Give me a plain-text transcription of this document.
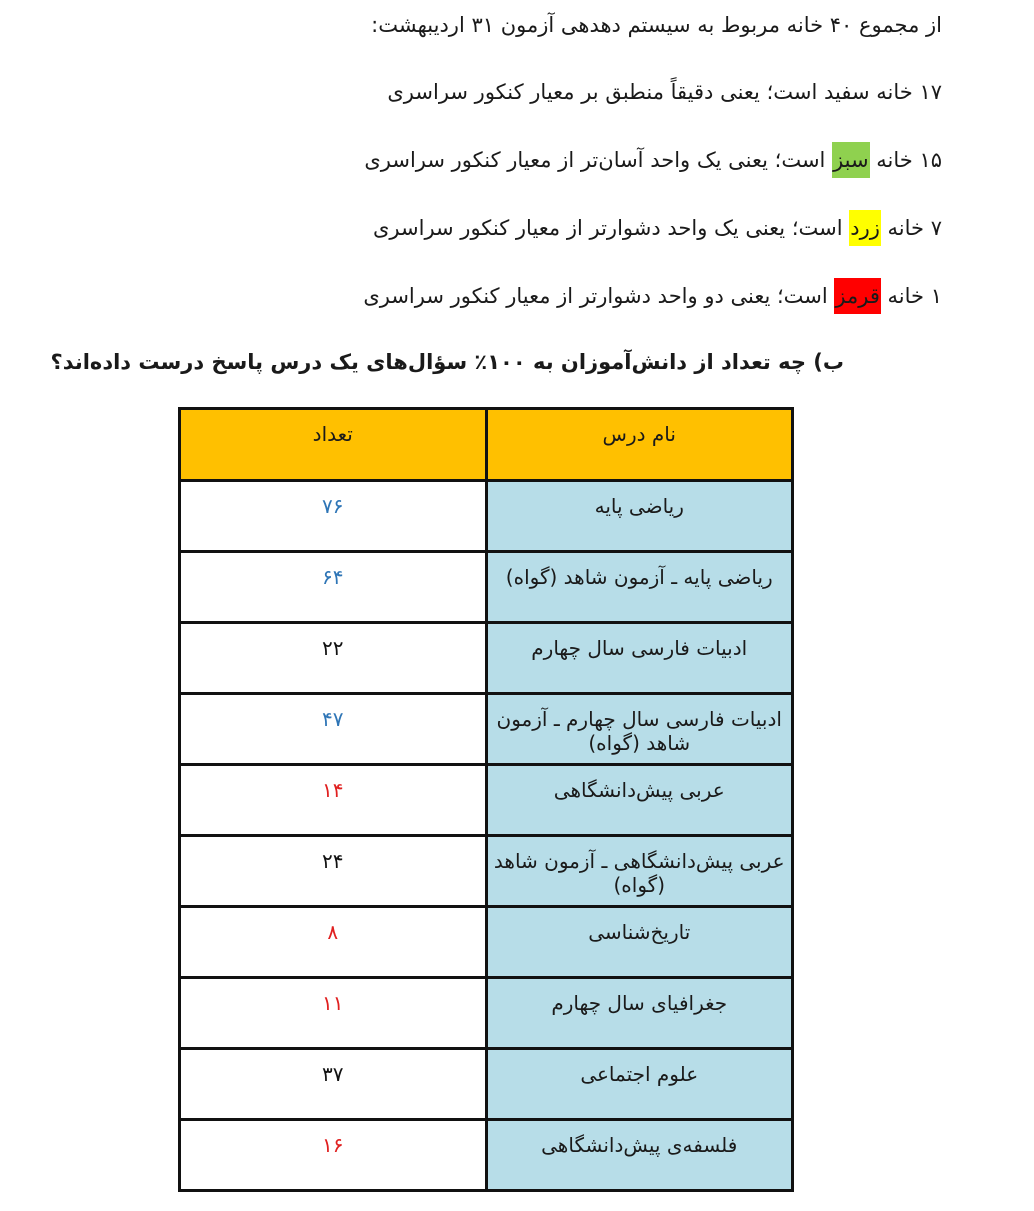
از مجموع ۴۰ خانه مربوط به سیستم دهدهی آزمون ۳۱ اردیبهشت:
۱۷ خانه سفید است؛ یعنی دقیقاً منطبق بر معیار کنکور سراسری
۱۵ خانه سبز است؛ یعنی یک واحد آسان‌تر از معیار کنکور سراسری
۷ خانه زرد است؛ یعنی یک واحد دشوارتر از معیار کنکور سراسری
۱ خانه قرمز است؛ یعنی دو واحد دشوارتر از معیار کنکور سراسری
ب) چه تعداد از دانش‌آموزان به ۱۰۰٪ سؤال‌های یک درس پاسخ درست داده‌اند؟
نام درس	تعداد
ریاضی پایه	۷۶
ریاضی پایه ـ آزمون شاهد (گواه)	۶۴
ادبیات فارسی سال چهارم	۲۲
ادبیات فارسی سال چهارم ـ آزمون شاهد (گواه)	۴۷
عربی پیش‌دانشگاهی	۱۴
عربی پیش‌دانشگاهی ـ آزمون شاهد (گواه)	۲۴
تاریخ‌شناسی	۸
جغرافیای سال چهارم	۱۱
علوم اجتماعی	۳۷
فلسفه‌ی پیش‌دانشگاهی	۱۶
